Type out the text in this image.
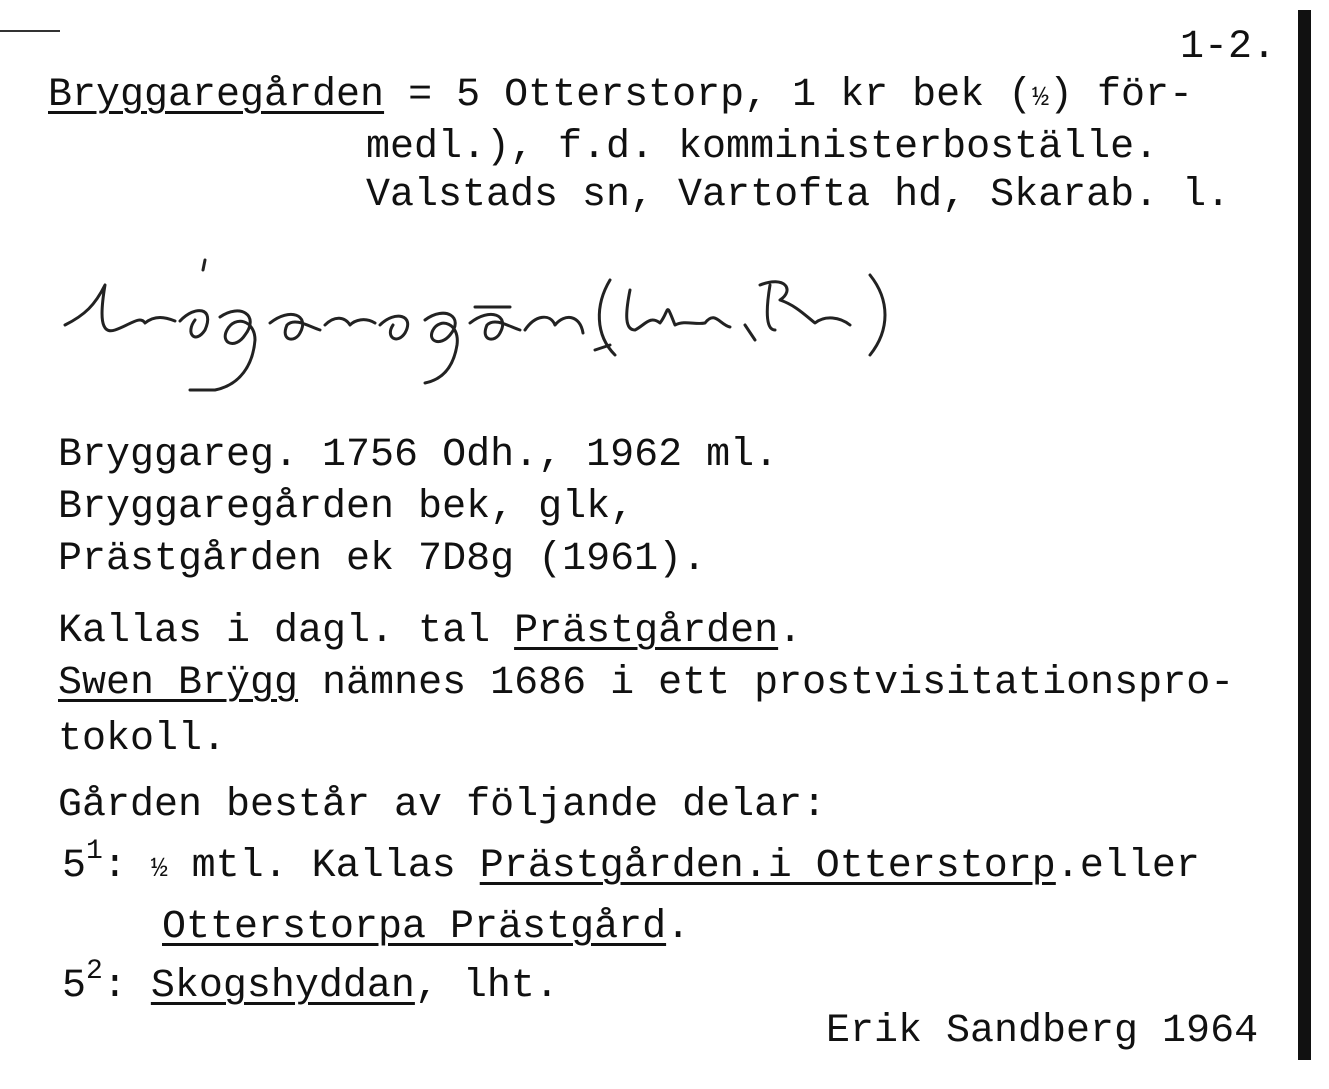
1-2.
Bryggaregården = 5 Otterstorp, 1 kr bek (½) för-
medl.), f.d. komministerboställe.
Valstads sn, Vartofta hd, Skarab. l.
Bryggareg. 1756 Odh., 1962 ml.
Bryggaregården bek, glk,
Prästgården ek 7D8g (1961).
Kallas i dagl. tal Prästgården.
Swen Brÿgg nämnes 1686 i ett prostvisitationspro-
tokoll.
Gården består av följande delar:
$5^1$: ½ mtl. Kallas Prästgården.i Otterstorp.eller
Otterstorpa Prästgård.
$5^2$: Skogshyddan, lht.
Erik Sandberg 1964
